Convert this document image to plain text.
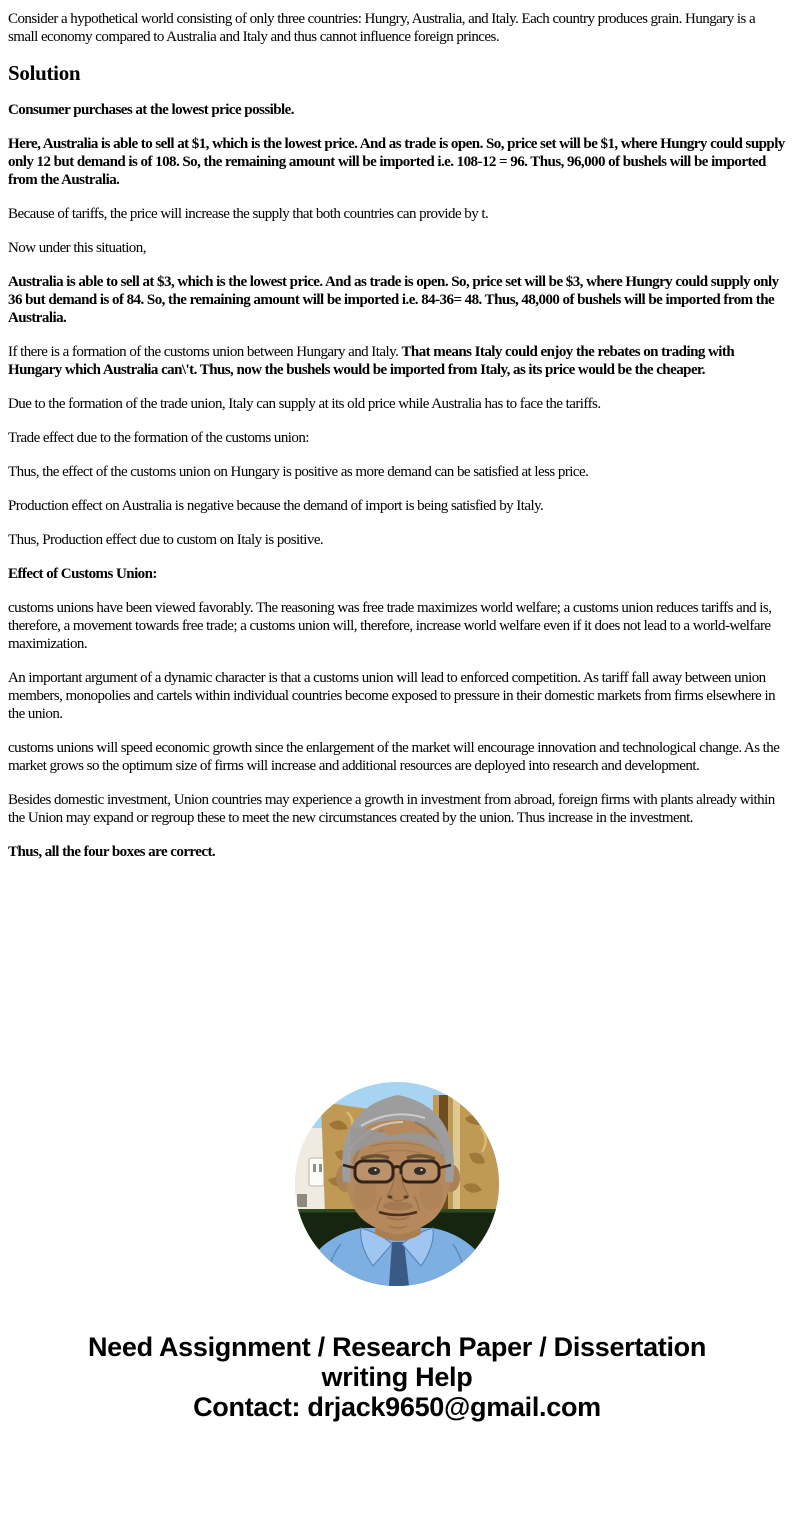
Consider a hypothetical world consisting of only three countries: Hungry, Australia, and Italy. Each country produces grain. Hungary is a small economy compared to Australia and Italy and thus cannot influence foreign princes.

Solution

Consumer purchases at the lowest price possible.

Here, Australia is able to sell at $1, which is the lowest price. And as trade is open. So, price set will be $1, where Hungry could supply only 12 but demand is of 108. So, the remaining amount will be imported i.e. 108-12 = 96. Thus, 96,000 of bushels will be imported from the Australia.

Because of tariffs, the price will increase the supply that both countries can provide by t.

Now under this situation,

Australia is able to sell at $3, which is the lowest price. And as trade is open. So, price set will be $3, where Hungry could supply only 36 but demand is of 84. So, the remaining amount will be imported i.e. 84-36= 48. Thus, 48,000 of bushels will be imported from the Australia.

If there is a formation of the customs union between Hungary and Italy. That means Italy could enjoy the rebates on trading with Hungary which Australia can\'t. Thus, now the bushels would be imported from Italy, as its price would be the cheaper.

Due to the formation of the trade union, Italy can supply at its old price while Australia has to face the tariffs.

Trade effect due to the formation of the customs union:

Thus, the effect of the customs union on Hungary is positive as more demand can be satisfied at less price.

Production effect on Australia is negative because the demand of import is being satisfied by Italy.

Thus, Production effect due to custom on Italy is positive.

Effect of Customs Union:

customs unions have been viewed favorably. The reasoning was free trade maximizes world welfare; a customs union reduces tariffs and is, therefore, a movement towards free trade; a customs union will, therefore, increase world welfare even if it does not lead to a world-welfare maximization.

An important argument of a dynamic character is that a customs union will lead to enforced competition. As tariff fall away between union members, monopolies and cartels within individual countries become exposed to pressure in their domestic markets from firms elsewhere in the union.

customs unions will speed economic growth since the enlargement of the market will encourage innovation and technological change. As the market grows so the optimum size of firms will increase and additional resources are deployed into research and development.

Besides domestic investment, Union countries may experience a growth in investment from abroad, foreign firms with plants already within the Union may expand or regroup these to meet the new circumstances created by the union. Thus increase in the investment.

Thus, all the four boxes are correct.

Need Assignment / Research Paper / Dissertation
writing Help
Contact: drjack9650@gmail.com
